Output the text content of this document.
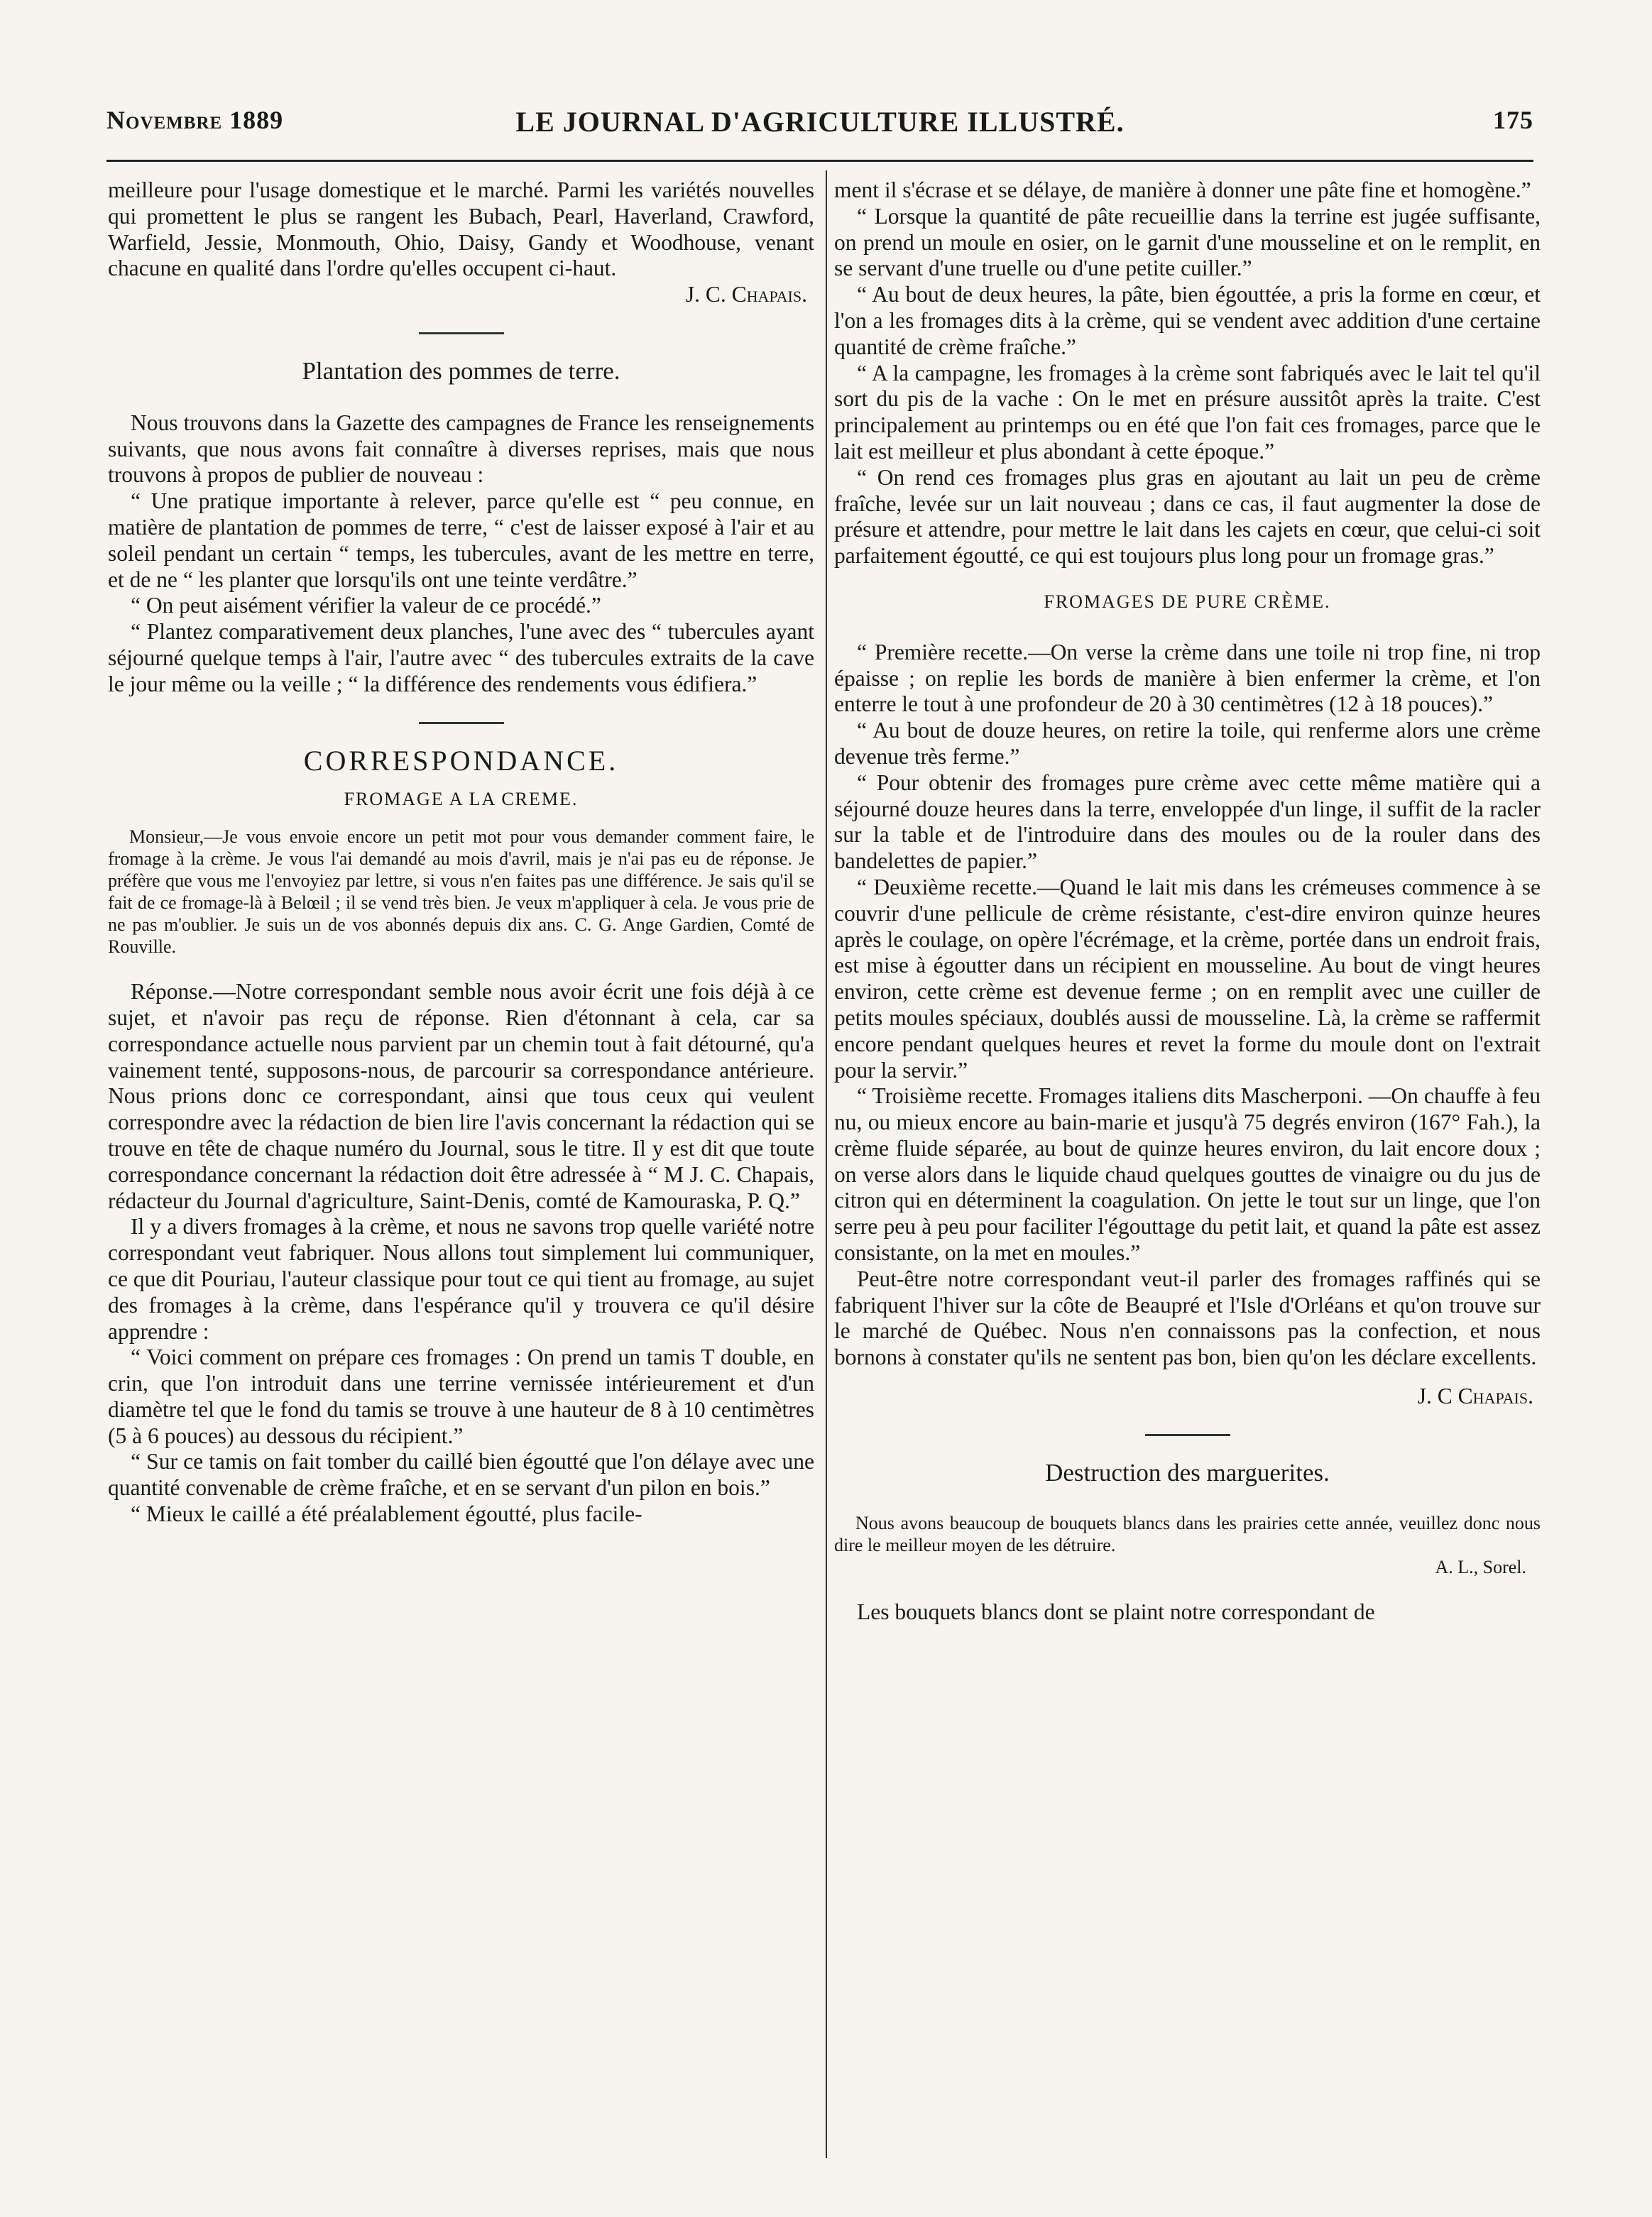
Novembre 1889	LE JOURNAL D'AGRICULTURE ILLUSTRÉ.	175

meilleure pour l'usage domestique et le marché. Parmi les variétés nouvelles qui promettent le plus se rangent les Bubach, Pearl, Haverland, Crawford, Warfield, Jessie, Monmouth, Ohio, Daisy, Gandy et Woodhouse, venant chacune en qualité dans l'ordre qu'elles occupent ci-haut.

J. C. Chapais.

Plantation des pommes de terre.

Nous trouvons dans la Gazette des campagnes de France les renseignements suivants, que nous avons fait connaître à diverses reprises, mais que nous trouvons à propos de publier de nouveau :

“ Une pratique importante à relever, parce qu'elle est “ peu connue, en matière de plantation de pommes de terre, “ c'est de laisser exposé à l'air et au soleil pendant un certain “ temps, les tubercules, avant de les mettre en terre, et de ne “ les planter que lorsqu'ils ont une teinte verdâtre.”

“ On peut aisément vérifier la valeur de ce procédé.”

“ Plantez comparativement deux planches, l'une avec des “ tubercules ayant séjourné quelque temps à l'air, l'autre avec “ des tubercules extraits de la cave le jour même ou la veille ; “ la différence des rendements vous édifiera.”

CORRESPONDANCE.
FROMAGE A LA CREME.

Monsieur,—Je vous envoie encore un petit mot pour vous demander comment faire, le fromage à la crème. Je vous l'ai demandé au mois d'avril, mais je n'ai pas eu de réponse. Je préfère que vous me l'envoyiez par lettre, si vous n'en faites pas une différence. Je sais qu'il se fait de ce fromage-là à Belœil ; il se vend très bien. Je veux m'appliquer à cela. Je vous prie de ne pas m'oublier. Je suis un de vos abonnés depuis dix ans. C. G. Ange Gardien, Comté de Rouville.

Réponse.—Notre correspondant semble nous avoir écrit une fois déjà à ce sujet, et n'avoir pas reçu de réponse. Rien d'étonnant à cela, car sa correspondance actuelle nous parvient par un chemin tout à fait détourné, qu'a vainement tenté, supposons-nous, de parcourir sa correspondance antérieure. Nous prions donc ce correspondant, ainsi que tous ceux qui veulent correspondre avec la rédaction de bien lire l'avis concernant la rédaction qui se trouve en tête de chaque numéro du Journal, sous le titre. Il y est dit que toute correspondance concernant la rédaction doit être adressée à “ M J. C. Chapais, rédacteur du Journal d'agriculture, Saint-Denis, comté de Kamouraska, P. Q.”

Il y a divers fromages à la crème, et nous ne savons trop quelle variété notre correspondant veut fabriquer. Nous allons tout simplement lui communiquer, ce que dit Pouriau, l'auteur classique pour tout ce qui tient au fromage, au sujet des fromages à la crème, dans l'espérance qu'il y trouvera ce qu'il désire apprendre :

“ Voici comment on prépare ces fromages : On prend un tamis T double, en crin, que l'on introduit dans une terrine vernissée intérieurement et d'un diamètre tel que le fond du tamis se trouve à une hauteur de 8 à 10 centimètres (5 à 6 pouces) au dessous du récipient.”

“ Sur ce tamis on fait tomber du caillé bien égoutté que l'on délaye avec une quantité convenable de crème fraîche, et en se servant d'un pilon en bois.”

“ Mieux le caillé a été préalablement égoutté, plus facile-

ment il s'écrase et se délaye, de manière à donner une pâte fine et homogène.”

“ Lorsque la quantité de pâte recueillie dans la terrine est jugée suffisante, on prend un moule en osier, on le garnit d'une mousseline et on le remplit, en se servant d'une truelle ou d'une petite cuiller.”

“ Au bout de deux heures, la pâte, bien égouttée, a pris la forme en cœur, et l'on a les fromages dits à la crème, qui se vendent avec addition d'une certaine quantité de crème fraîche.”

“ A la campagne, les fromages à la crème sont fabriqués avec le lait tel qu'il sort du pis de la vache : On le met en présure aussitôt après la traite. C'est principalement au printemps ou en été que l'on fait ces fromages, parce que le lait est meilleur et plus abondant à cette époque.”

“ On rend ces fromages plus gras en ajoutant au lait un peu de crème fraîche, levée sur un lait nouveau ; dans ce cas, il faut augmenter la dose de présure et attendre, pour mettre le lait dans les cajets en cœur, que celui-ci soit parfaitement égoutté, ce qui est toujours plus long pour un fromage gras.”

FROMAGES DE PURE CRÈME.

“ Première recette.—On verse la crème dans une toile ni trop fine, ni trop épaisse ; on replie les bords de manière à bien enfermer la crème, et l'on enterre le tout à une profondeur de 20 à 30 centimètres (12 à 18 pouces).”

“ Au bout de douze heures, on retire la toile, qui renferme alors une crème devenue très ferme.”

“ Pour obtenir des fromages pure crème avec cette même matière qui a séjourné douze heures dans la terre, enveloppée d'un linge, il suffit de la racler sur la table et de l'introduire dans des moules ou de la rouler dans des bandelettes de papier.”

“ Deuxième recette.—Quand le lait mis dans les crémeuses commence à se couvrir d'une pellicule de crème résistante, c'est-dire environ quinze heures après le coulage, on opère l'écrémage, et la crème, portée dans un endroit frais, est mise à égoutter dans un récipient en mousseline. Au bout de vingt heures environ, cette crème est devenue ferme ; on en remplit avec une cuiller de petits moules spéciaux, doublés aussi de mousseline. Là, la crème se raffermit encore pendant quelques heures et revet la forme du moule dont on l'extrait pour la servir.”

“ Troisième recette. Fromages italiens dits Mascherponi. —On chauffe à feu nu, ou mieux encore au bain-marie et jusqu'à 75 degrés environ (167° Fah.), la crème fluide séparée, au bout de quinze heures environ, du lait encore doux ; on verse alors dans le liquide chaud quelques gouttes de vinaigre ou du jus de citron qui en déterminent la coagulation. On jette le tout sur un linge, que l'on serre peu à peu pour faciliter l'égouttage du petit lait, et quand la pâte est assez consistante, on la met en moules.”

Peut-être notre correspondant veut-il parler des fromages raffinés qui se fabriquent l'hiver sur la côte de Beaupré et l'Isle d'Orléans et qu'on trouve sur le marché de Québec. Nous n'en connaissons pas la confection, et nous bornons à constater qu'ils ne sentent pas bon, bien qu'on les déclare excellents.

J. C Chapais.

Destruction des marguerites.

Nous avons beaucoup de bouquets blancs dans les prairies cette année, veuillez donc nous dire le meilleur moyen de les détruire.

A. L., Sorel.

Les bouquets blancs dont se plaint notre correspondant de
